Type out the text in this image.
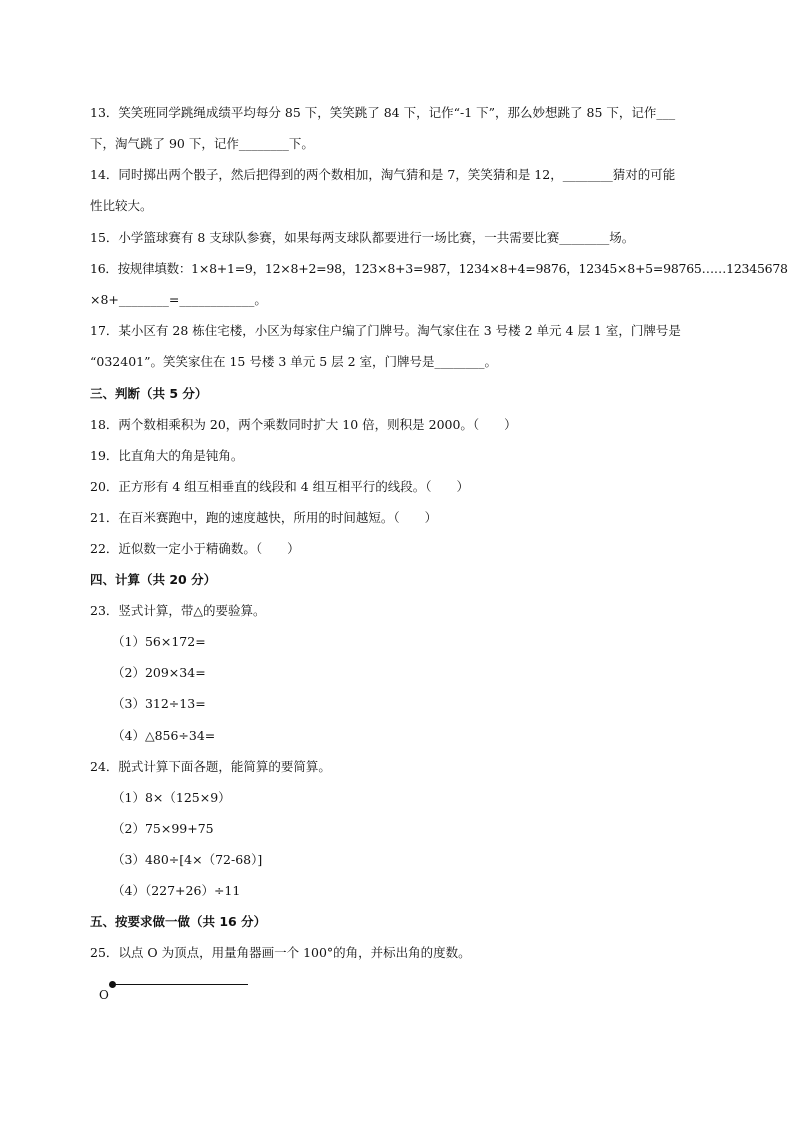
13．笑笑班同学跳绳成绩平均每分 85 下，笑笑跳了 84 下，记作“-1 下”，那么妙想跳了 85 下，记作___
下，淘气跳了 90 下，记作________下。
14．同时掷出两个骰子，然后把得到的两个数相加，淘气猜和是 7，笑笑猜和是 12，________猜对的可能
性比较大。
15．小学篮球赛有 8 支球队参赛，如果每两支球队都要进行一场比赛，一共需要比赛________场。
16．按规律填数：1×8+1=9，12×8+2=98，123×8+3=987，1234×8+4=9876，12345×8+5=98765……12345678
×8+________=____________。
17．某小区有 28 栋住宅楼，小区为每家住户编了门牌号。淘气家住在 3 号楼 2 单元 4 层 1 室，门牌号是
“032401”。笑笑家住在 15 号楼 3 单元 5 层 2 室，门牌号是________。
三、判断（共 5 分）
18．两个数相乘积为 20，两个乘数同时扩大 10 倍，则积是 2000。（　　）
19．比直角大的角是钝角。
20．正方形有 4 组互相垂直的线段和 4 组互相平行的线段。（　　）
21．在百米赛跑中，跑的速度越快，所用的时间越短。（　　）
22．近似数一定小于精确数。（　　）
四、计算（共 20 分）
23．竖式计算，带△的要验算。
（1）56×172=
（2）209×34=
（3）312÷13=
（4）△856÷34=
24．脱式计算下面各题，能简算的要简算。
（1）8×（125×9）
（2）75×99+75
（3）480÷[4×（72-68）]
（4）（227+26）÷11
五、按要求做一做（共 16 分）
25．以点 O 为顶点，用量角器画一个 100°的角，并标出角的度数。
O
